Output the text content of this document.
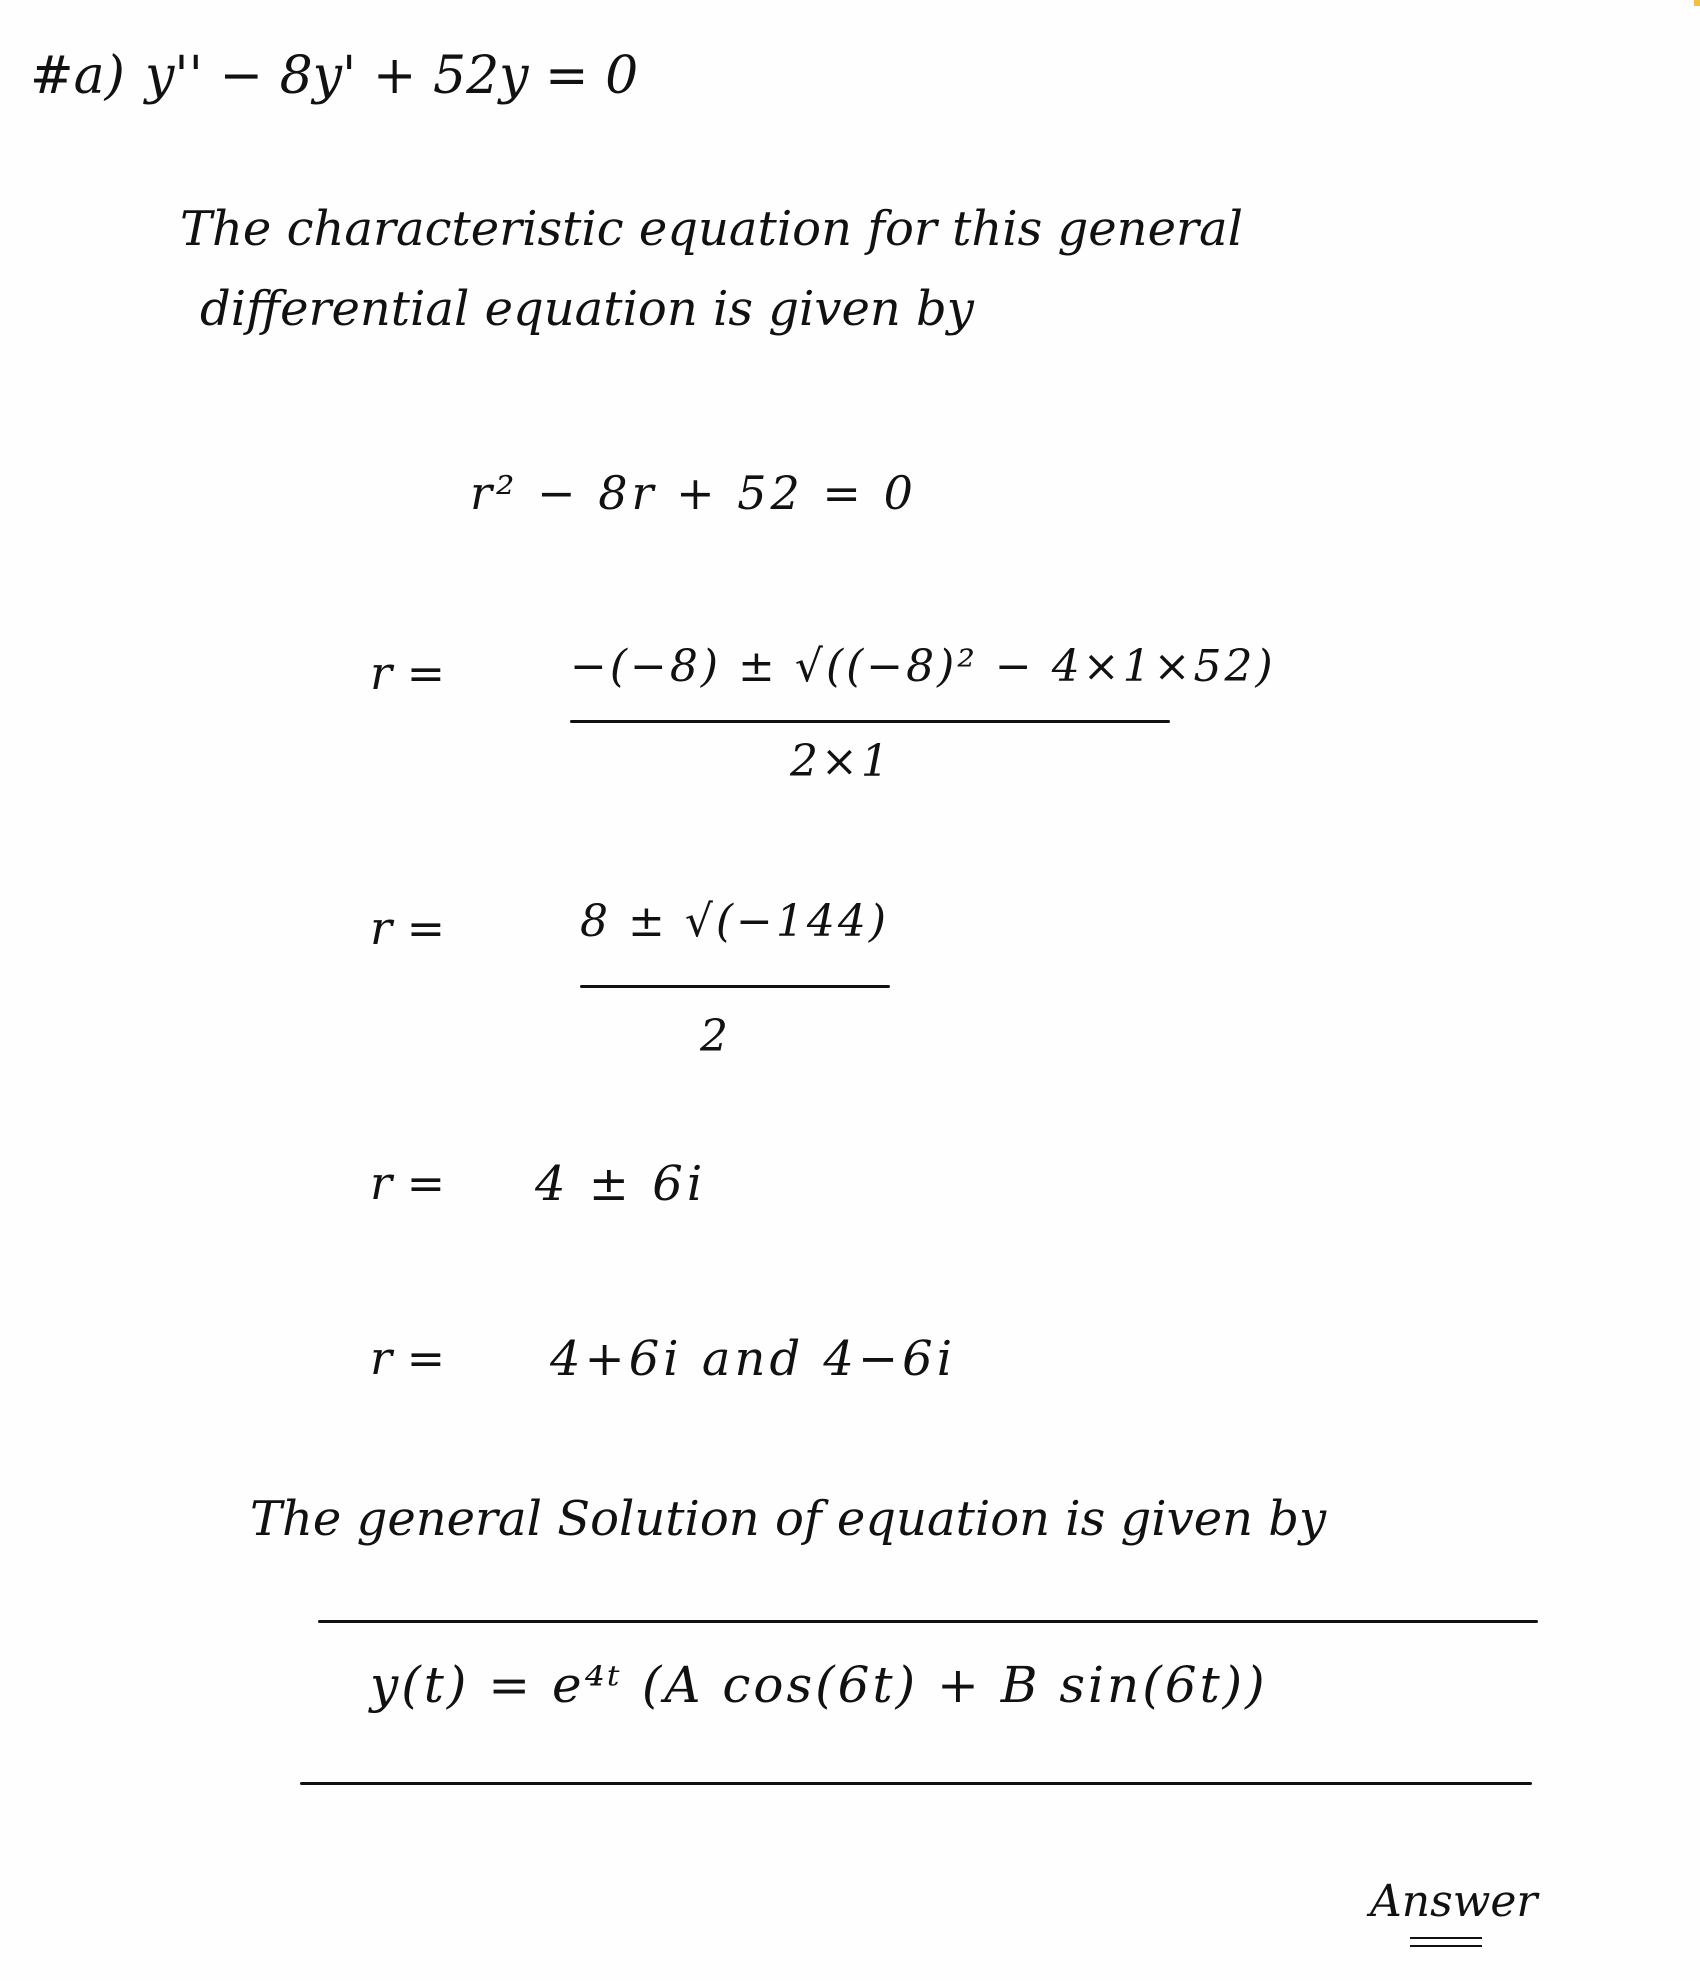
#a) y'' − 8y' + 52y = 0
The characteristic equation for this general
differential equation is given by
r² − 8r + 52 = 0
r =	−(−8) ± √((−8)² − 4×1×52)
2×1
r =	8 ± √(−144)
2
r = 4 ± 6i
r = 4+6i and 4−6i
The general Solution of equation is given by
y(t) = e⁴ᵗ (A cos(6t) + B sin(6t))
Answer
